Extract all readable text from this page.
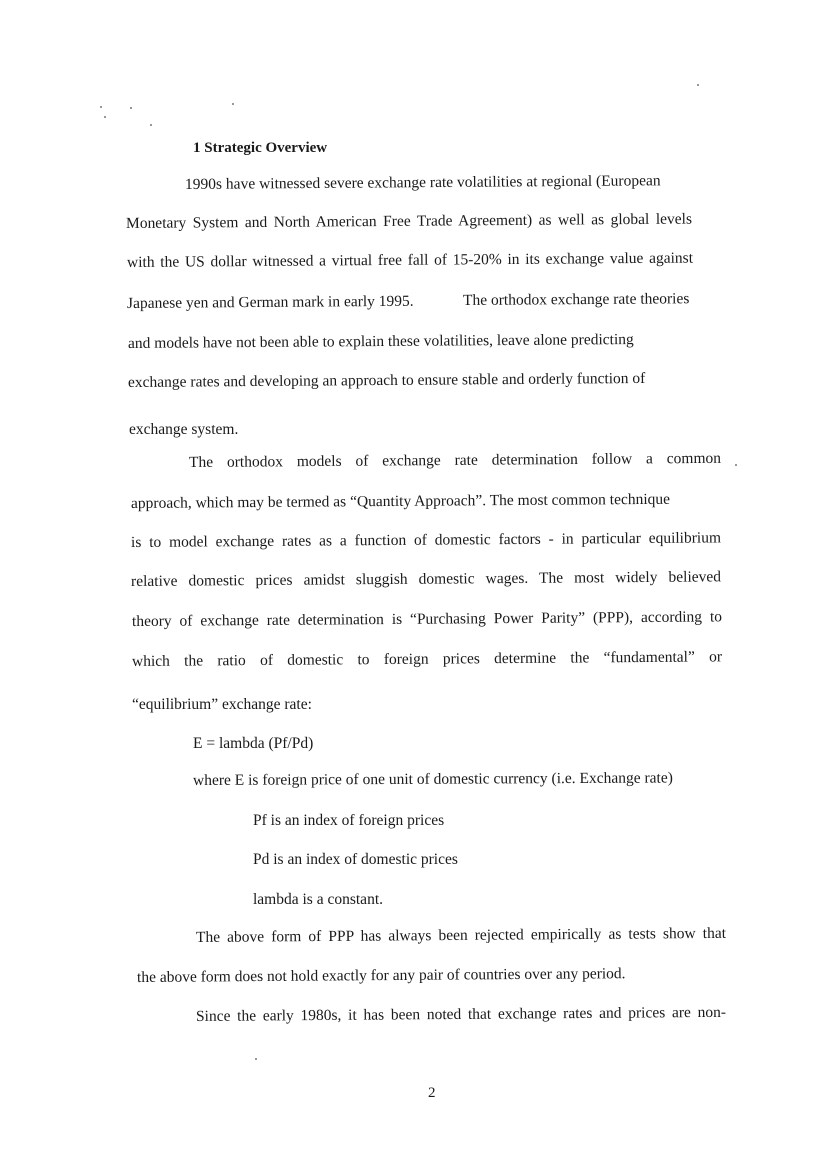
1 Strategic Overview
1990s have witnessed severe exchange rate volatilities at regional (European
Monetary System and North American Free Trade Agreement) as well as global levels
with the US dollar witnessed a virtual free fall of 15-20% in its exchange value against
Japanese yen and German mark in early 1995.	The orthodox exchange rate theories
and models have not been able to explain these volatilities, leave alone predicting
exchange rates and developing an approach to ensure stable and orderly function of
exchange system.
The orthodox models of exchange rate determination follow a common
approach, which may be termed as “Quantity Approach”. The most common technique
is to model exchange rates as a function of domestic factors - in particular equilibrium
relative domestic prices amidst sluggish domestic wages. The most widely believed
theory of exchange rate determination is “Purchasing Power Parity” (PPP), according to
which the ratio of domestic to foreign prices determine the “fundamental” or
“equilibrium” exchange rate:
E = lambda (Pf/Pd)
where E is foreign price of one unit of domestic currency (i.e. Exchange rate)
Pf is an index of foreign prices
Pd is an index of domestic prices
lambda is a constant.
The above form of PPP has always been rejected empirically as tests show that
the above form does not hold exactly for any pair of countries over any period.
Since the early 1980s, it has been noted that exchange rates and prices are non-
2
